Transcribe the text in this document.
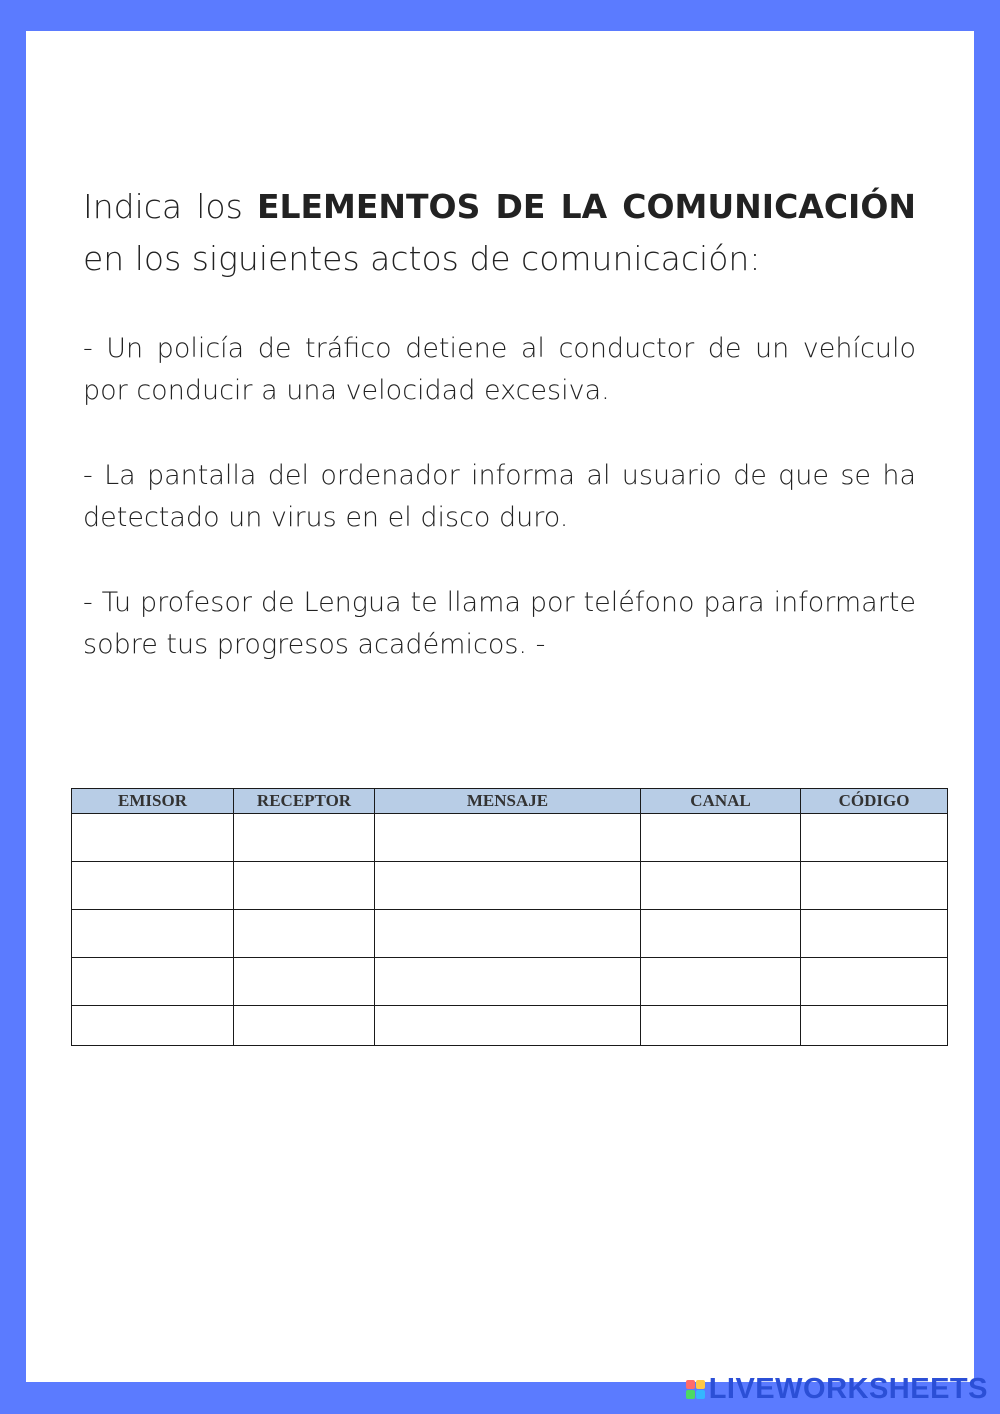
Indica los ELEMENTOS DE LA COMUNICACIÓN en los siguientes actos de comunicación:

- Un policía de tráfico detiene al conductor de un vehículo por conducir a una velocidad excesiva.

- La pantalla del ordenador informa al usuario de que se ha detectado un virus en el disco duro.

- Tu profesor de Lengua te llama por teléfono para informarte sobre tus progresos académicos. -

EMISOR	RECEPTOR	MENSAJE	CANAL	CÓDIGO

LIVEWORKSHEETS
